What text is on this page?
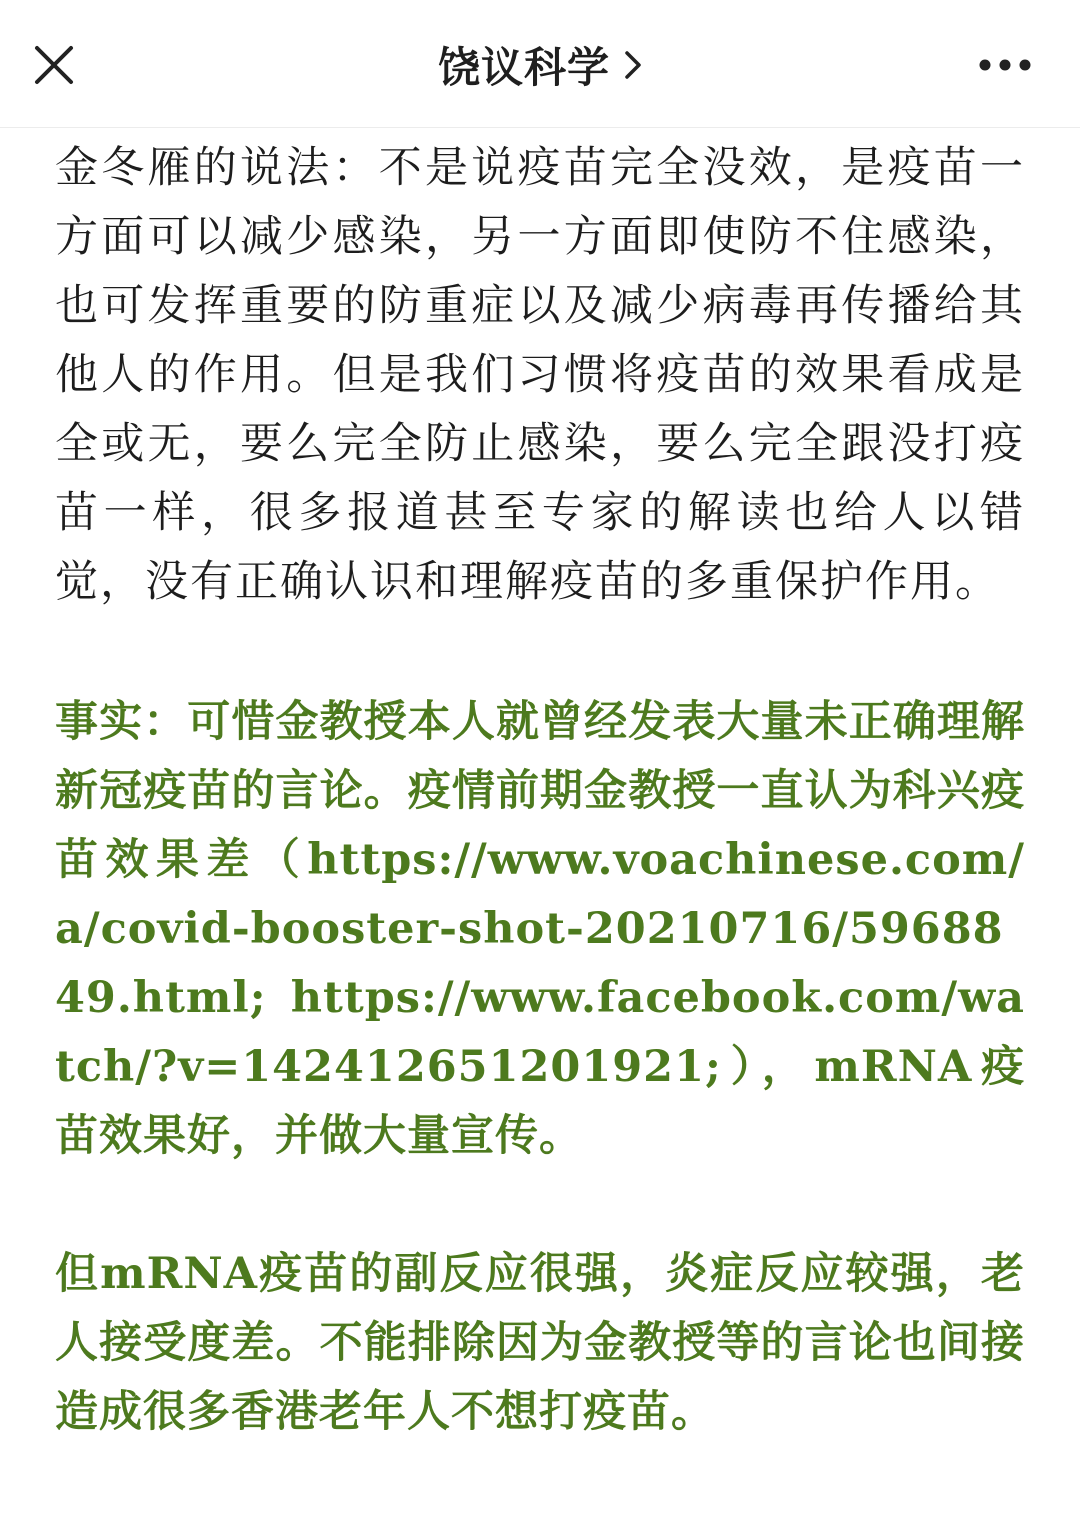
饶议科学

金冬雁的说法：不是说疫苗完全没效，是疫苗一方面可以减少感染，另一方面即使防不住感染，也可发挥重要的防重症以及减少病毒再传播给其他人的作用。但是我们习惯将疫苗的效果看成是全或无，要么完全防止感染，要么完全跟没打疫苗一样，很多报道甚至专家的解读也给人以错觉，没有正确认识和理解疫苗的多重保护作用。

事实：可惜金教授本人就曾经发表大量未正确理解新冠疫苗的言论。疫情前期金教授一直认为科兴疫苗效果差（https://www.voachinese.com/a/covid-booster-shot-20210716/5968849.html; https://www.facebook.com/watch/?v=142412651201921;），mRNA疫苗效果好，并做大量宣传。

但mRNA疫苗的副反应很强，炎症反应较强，老人接受度差。不能排除因为金教授等的言论也间接造成很多香港老年人不想打疫苗。
